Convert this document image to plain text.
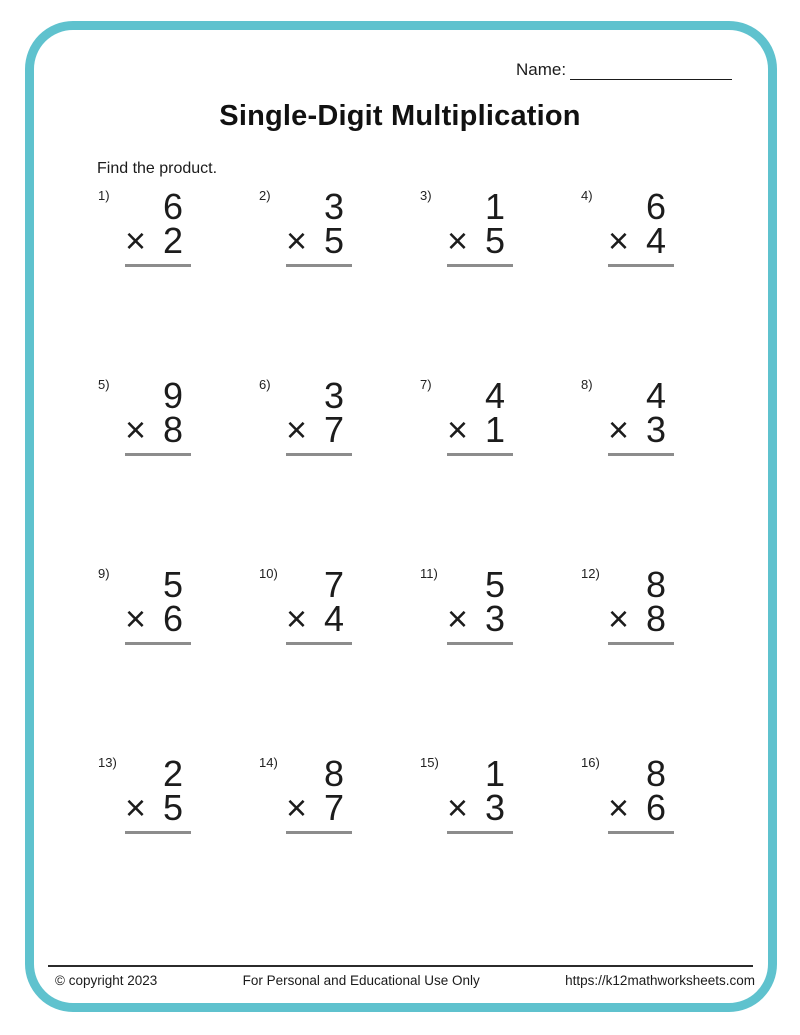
Name:
Single-Digit Multiplication
Find the product.
1)	6
× 2
2)	3
× 5
3)	1
× 5
4)	6
× 4
5)	9
× 8
6)	3
× 7
7)	4
× 1
8)	4
× 3
9)	5
× 6
10)	7
× 4
11)	5
× 3
12)	8
× 8
13)	2
× 5
14)	8
× 7
15)	1
× 3
16)	8
× 6
© copyright 2023	For Personal and Educational Use Only	https://k12mathworksheets.com
